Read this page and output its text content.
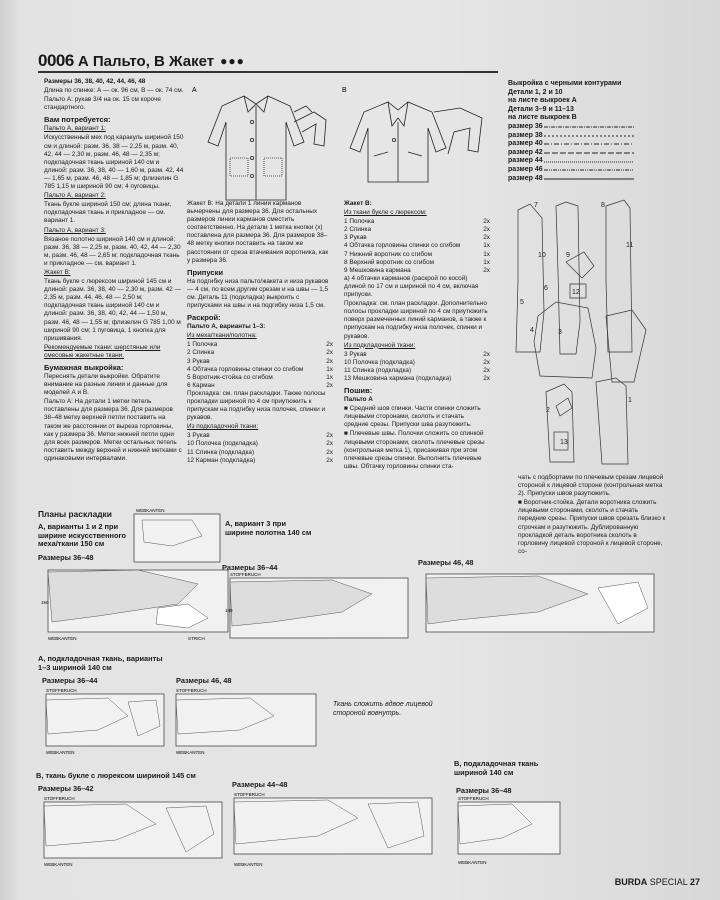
0006 А Пальто, В Жакет ●●●

Размеры 36, 38, 40, 42, 44, 46, 48

Длина по спинке: А — ок. 96 см, В — ок. 74 см.

Пальто А: рукав 3/4 на ок. 15 см короче стандартного.

Вам потребуется:

Пальто А, вариант 1:

Искусственный мех под каракуль шириной 150 см и длиной: разм. 36, 38 — 2,25 м, разм. 40, 42, 44 — 2,30 м, разм. 46, 48 — 2,35 м; подкладочная ткань шириной 140 см и длиной: разм. 36, 38, 40 — 1,60 м, разм. 42, 44 — 1,65 м, разм. 46, 48 — 1,85 м; флизелин G 785 1,15 м шириной 90 см; 4 пуговицы.

Пальто А, вариант 2:

Ткань букле шириной 150 см; длина ткани, подкладочная ткань и прикладное — см. вариант 1.

Пальто А, вариант 3:

Вязаное полотно шириной 140 см и длиной: разм. 36, 38 — 2,25 м, разм. 40, 42, 44 — 2,30 м, разм. 46, 48 — 2,65 м; подкладочная ткань и прикладное — см. вариант 1.

Жакет В:

Ткань букле с люрексом шириной 145 см и длиной: разм. 36, 38, 40 — 2,30 м, разм. 42 — 2,35 м, разм. 44, 46, 48 — 2,50 м; подкладочная ткань шириной 140 см и длиной: разм. 36, 38, 40, 42, 44 — 1,50 м, разм. 46, 48 — 1,55 м; флизелин G 785 1,00 м шириной 90 см; 1 пуговица, 1 кнопка для пришивания.

Рекомендуемые ткани: шерстяные или смесовые жакетные ткани.

Бумажная выкройка:

Переснять детали выкройки. Обратите внимание на разные линии и данные для моделей А и В.

Пальто А: На детали 1 метки петель поставлены для размера 36. Для размеров 38–48 метку верхней петли поставить на таком же расстоянии от выреза горловины, как у размера 36. Метки нижней петли одни для всех размеров. Метки остальных петель поставить между верхней и нижней метками с одинаковыми интервалами.

А	В

Жакет В: На детали 1 линии карманов вычерчены для размера 36. Для остальных размеров линии карманов сместить соответственно. На детали 1 метка кнопки (x) поставлена для размера 36. Для размеров 38–48 метку кнопки поставить на таком же расстоянии от среза втачивания воротника, как у размера 36.

Припуски

На подгибку низа пальто/жакета и низа рукавов — 4 см, по всем другим срезам и на швы — 1,5 см. Деталь 11 (подкладка) выкроить с припусками на швы и на подгибку низа 1,5 см.

Раскрой:

Пальто А, варианты 1–3:

Из меха/ткани/полотна:

1 Полочка	2x
2 Спинка	2x
3 Рукав	2x
4 Обтачка горловины спинки со сгибом	1x
5 Воротник-стойка со сгибом	1x
6 Карман	2x

Прокладка: см. план раскладки. Также полосы прокладки шириной по 4 см приутюжить к припускам на подгибку низа полочек, спинки и рукавов.

Из подкладочной ткани:

3 Рукав	2x
10 Полочка (подкладка)	2x
11 Спинка (подкладка)	2x
12 Карман (подкладка)	2x

Жакет В:

Из ткани букле с люрексом:

1 Полочка	2x
2 Спинка	2x
3 Рукав	2x
4 Обтачка горловины спинки со сгибом	1x
7 Нижний воротник со сгибом	1x
8 Верхний воротник со сгибом	1x
9 Мешковина кармана	2x

а) 4 обтачки карманов (раскрой по косой) длиной по 17 см и шириной по 4 см, включая припуски.

Прокладка: см. план раскладки. Дополнительно полосы прокладки шириной по 4 см приутюжить поверх размеченных линий карманов, а также к припускам на подгибку низа полочек, спинки и рукавов.

Из подкладочной ткани:

3 Рукав	2x
10 Полочка (подкладка)	2x
11 Спинка (подкладка)	2x
13 Мешковина кармана (подкладка)	2x

Пошив:

Пальто А

■ Средний шов спинки. Части спинки сложить лицевыми сторонами, сколоть и стачать средние срезы. Припуски шва разутюжить.

■ Плечевые швы. Полочки сложить со спинкой лицевыми сторонами, сколоть плечевые срезы (контрольная метка 1), присаживая при этом плечевые срезы спинки. Выполнить плечевые швы. Обтачку горловины спинки ста-

Выкройка с черными контурами
Детали 1, 2 и 10
на листе выкроек А
Детали 3–9 и 11–13
на листе выкроек В
размер 36
размер 38
размер 40
размер 42
размер 44
размер 46
размер 48
7	8
11
10	9
6
12
5
3
4
2
13
1

чать с подбортами по плечевым срезам лицевой стороной к лицевой стороне (контрольная метка 2). Припуски швов разутюжить.

■ Воротник-стойка. Детали воротника сложить лицевыми сторонами, сколоть и стачать передние срезы. Припуски швов срезать близко к строчкам и разутюжить. Дублированную прокладкой деталь воротника сколоть в горловину лицевой стороной к лицевой стороне, со-

Планы раскладки
А, варианты 1 и 2 при ширине искусственного меха/ткани 150 см
Размеры 36–48
WEBKANTEN
WEBKANTEN	STRICH
150
А, вариант 3 при ширине полотна 140 см
Размеры 36–44
STOFFBRUCH
140
Размеры 46, 48
А, подкладочная ткань, варианты 1–3 шириной 140 см
Размеры 36–44
STOFFBRUCH
WEBKANTEN
Размеры 46, 48
STOFFBRUCH
WEBKANTEN
Ткань сложить вдвое лицевой стороной вовнутрь.
В, подкладочная ткань шириной 140 см
В, ткань букле с люрексом шириной 145 см
Размеры 36–42	Размеры 44–48
Размеры 36–48
STOFFBRUCH
WEBKANTEN
STOFFBRUCH
WEBKANTEN
STOFFBRUCH
WEBKANTEN
BURDA SPECIAL 27
